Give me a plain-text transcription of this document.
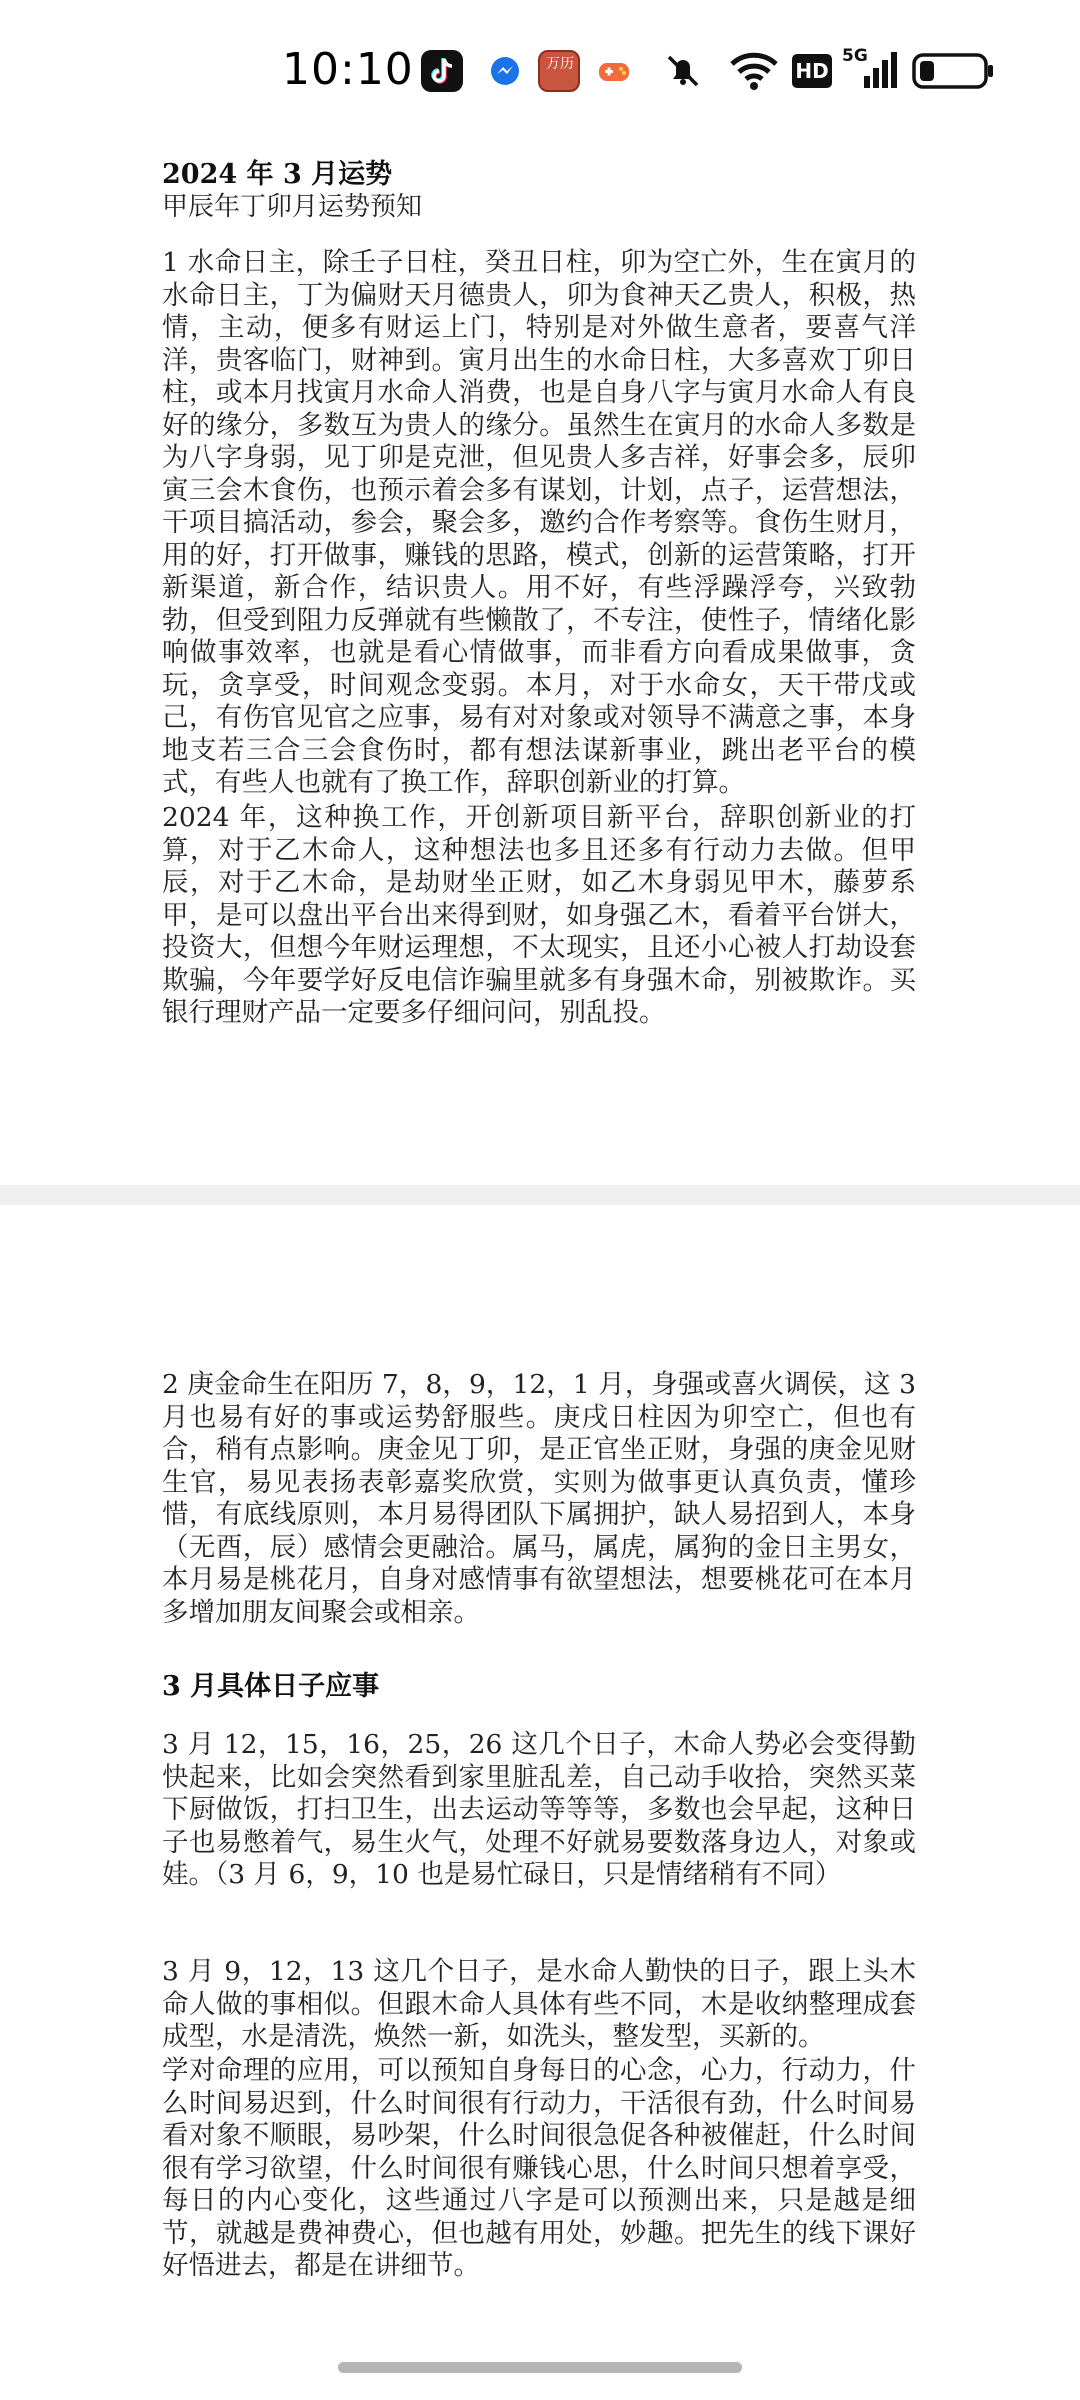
10:10	万历	HD
5G
2024 年 3 月运势
甲辰年丁卯月运势预知

1 水命日主，除壬子日柱，癸丑日柱，卯为空亡外，生在寅月的水命日主，丁为偏财天月德贵人，卯为食神天乙贵人，积极，热情，主动，便多有财运上门，特别是对外做生意者，要喜气洋洋，贵客临门，财神到。寅月出生的水命日柱，大多喜欢丁卯日柱，或本月找寅月水命人消费，也是自身八字与寅月水命人有良好的缘分，多数互为贵人的缘分。虽然生在寅月的水命人多数是为八字身弱，见丁卯是克泄，但见贵人多吉祥，好事会多，辰卯寅三会木食伤，也预示着会多有谋划，计划，点子，运营想法，干项目搞活动，参会，聚会多，邀约合作考察等。食伤生财月，用的好，打开做事，赚钱的思路，模式，创新的运营策略，打开新渠道，新合作，结识贵人。用不好，有些浮躁浮夸，兴致勃勃，但受到阻力反弹就有些懒散了，不专注，使性子，情绪化影响做事效率，也就是看心情做事，而非看方向看成果做事，贪玩，贪享受，时间观念变弱。本月，对于水命女，天干带戊或己，有伤官见官之应事，易有对对象或对领导不满意之事，本身地支若三合三会食伤时，都有想法谋新事业，跳出老平台的模式，有些人也就有了换工作，辞职创新业的打算。

2024 年，这种换工作，开创新项目新平台，辞职创新业的打算，对于乙木命人，这种想法也多且还多有行动力去做。但甲辰，对于乙木命，是劫财坐正财，如乙木身弱见甲木，藤萝系甲，是可以盘出平台出来得到财，如身强乙木，看着平台饼大，投资大，但想今年财运理想，不太现实，且还小心被人打劫设套欺骗，今年要学好反电信诈骗里就多有身强木命，别被欺诈。买银行理财产品一定要多仔细问问，别乱投。

2 庚金命生在阳历 7，8，9，12，1 月，身强或喜火调侯，这 3 月也易有好的事或运势舒服些。庚戌日柱因为卯空亡，但也有合，稍有点影响。庚金见丁卯，是正官坐正财，身强的庚金见财生官，易见表扬表彰嘉奖欣赏，实则为做事更认真负责，懂珍惜，有底线原则，本月易得团队下属拥护，缺人易招到人，本身（无酉，辰）感情会更融洽。属马，属虎，属狗的金日主男女，本月易是桃花月，自身对感情事有欲望想法，想要桃花可在本月多增加朋友间聚会或相亲。

3 月具体日子应事

3 月 12，15，16，25，26 这几个日子，木命人势必会变得勤快起来，比如会突然看到家里脏乱差，自己动手收拾，突然买菜下厨做饭，打扫卫生，出去运动等等等，多数也会早起，这种日子也易憋着气，易生火气，处理不好就易要数落身边人，对象或娃。（3 月 6，9，10 也是易忙碌日，只是情绪稍有不同）

3 月 9，12，13 这几个日子，是水命人勤快的日子，跟上头木命人做的事相似。但跟木命人具体有些不同，木是收纳整理成套成型，水是清洗，焕然一新，如洗头，整发型，买新的。

学对命理的应用，可以预知自身每日的心念，心力，行动力，什么时间易迟到，什么时间很有行动力，干活很有劲，什么时间易看对象不顺眼，易吵架，什么时间很急促各种被催赶，什么时间很有学习欲望，什么时间很有赚钱心思，什么时间只想着享受，每日的内心变化，这些通过八字是可以预测出来，只是越是细节，就越是费神费心，但也越有用处，妙趣。把先生的线下课好好悟进去，都是在讲细节。
